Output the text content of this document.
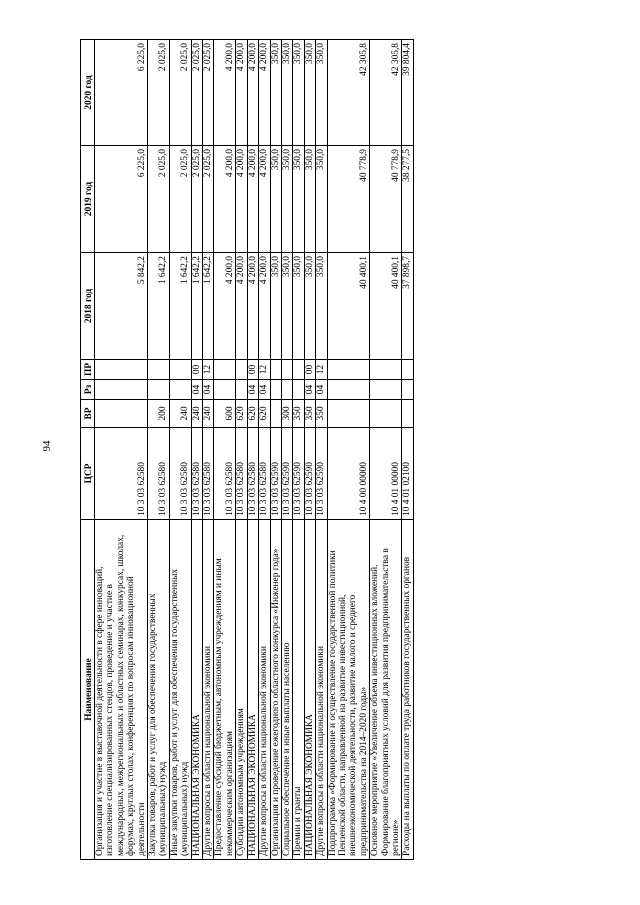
94
Наименование	ЦСР	ВР	Рз	ПР	2018 год	2019 год	2020 год
Организация и участие в выставочной деятельности в сфере инноваций, изготовление специализированных стендов, проведение и участие в международных, межрегиональных и областных семинарах, конкурсах, школах, форумах, круглых столах, конференциях по вопросам инновационной деятельности	10 3 03 62580				5 842,2	6 225,0	6 225,0
Закупка товаров, работ и услуг для обеспечения государственных (муниципальных) нужд	10 3 03 62580	200			1 642,2	2 025,0	2 025,0
Иные закупки товаров, работ и услуг для обеспечения государственных (муниципальных) нужд	10 3 03 62580	240			1 642,2	2 025,0	2 025,0
НАЦИОНАЛЬНАЯ ЭКОНОМИКА	10 3 03 62580	240	04	00	1 642,2	2 025,0	2 025,0
Другие вопросы в области национальной экономики	10 3 03 62580	240	04	12	1 642,2	2 025,0	2 025,0
Предоставление субсидий бюджетным, автономным учреждениям и иным некоммерческим организациям	10 3 03 62580	600			4 200,0	4 200,0	4 200,0
Субсидии автономным учреждениям	10 3 03 62580	620			4 200,0	4 200,0	4 200,0
НАЦИОНАЛЬНАЯ ЭКОНОМИКА	10 3 03 62580	620	04	00	4 200,0	4 200,0	4 200,0
Другие вопросы в области национальной экономики	10 3 03 62580	620	04	12	4 200,0	4 200,0	4 200,0
Организация и проведение ежегодного областного конкурса «Инженер года»	10 3 03 62590				350,0	350,0	350,0
Социальное обеспечение и иные выплаты населению	10 3 03 62590	300			350,0	350,0	350,0
Премии и гранты	10 3 03 62590	350			350,0	350,0	350,0
НАЦИОНАЛЬНАЯ ЭКОНОМИКА	10 3 03 62590	350	04	00	350,0	350,0	350,0
Другие вопросы в области национальной экономики	10 3 03 62590	350	04	12	350,0	350,0	350,0
Подпрограмма «Формирование и осуществление государственной политики Пензенской области, направленной на развитие инвестиционной, внешнеэкономической деятельности, развитие малого и среднего предпринимательства на 2014–2020 годы»	10 4 00 00000				40 400,1	40 778,9	42 305,8
Основное мероприятие «Увеличение объема инвестиционных вложений. Формирование благоприятных условий для развития предпринимательства в регионе»	10 4 01 00000				40 400,1	40 778,9	42 305,8
Расходы на выплаты по оплате труда работников государственных органов	10 4 01 02100				37 898,7	38 277,5	39 804,4
